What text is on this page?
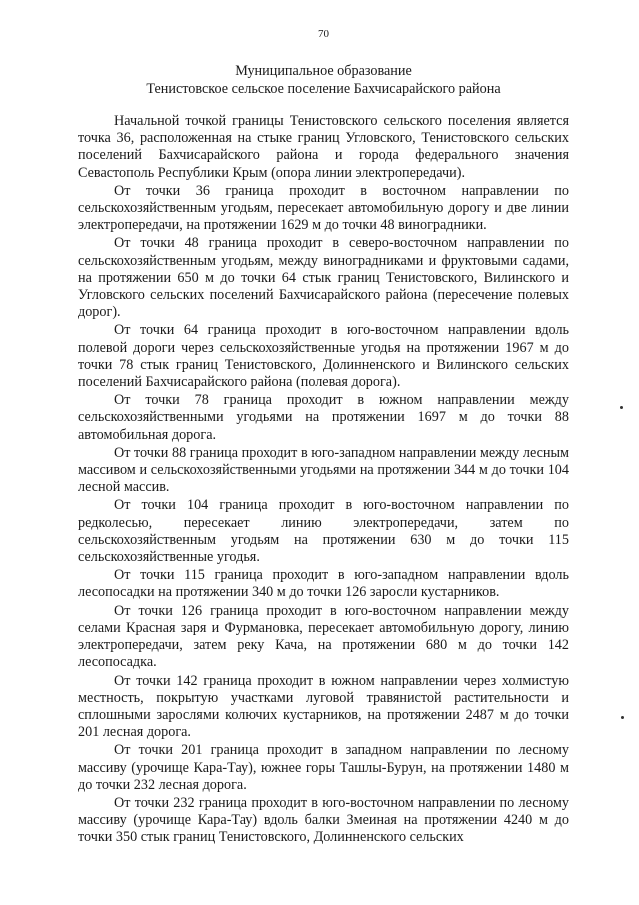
70
Муниципальное образование
Тенистовское сельское поселение Бахчисарайского района

Начальной точкой границы Тенистовского сельского поселения является точка 36, расположенная на стыке границ Угловского, Тенистовского сельских поселений Бахчисарайского района и города федерального значения Севастополь Республики Крым (опора линии электропередачи).

От точки 36 граница проходит в восточном направлении по сельскохозяйственным угодьям, пересекает автомобильную дорогу и две линии электропередачи, на протяжении 1629 м до точки 48 виноградники.

От точки 48 граница проходит в северо-восточном направлении по сельскохозяйственным угодьям, между виноградниками и фруктовыми садами, на протяжении 650 м до точки 64 стык границ Тенистовского, Вилинского и Угловского сельских поселений Бахчисарайского района (пересечение полевых дорог).

От точки 64 граница проходит в юго-восточном направлении вдоль полевой дороги через сельскохозяйственные угодья на протяжении 1967 м до точки 78 стык границ Тенистовского, Долинненского и Вилинского сельских поселений Бахчисарайского района (полевая дорога).

От точки 78 граница проходит в южном направлении между сельскохозяйственными угодьями на протяжении 1697 м до точки 88 автомобильная дорога.

От точки 88 граница проходит в юго-западном направлении между лесным массивом и сельскохозяйственными угодьями на протяжении 344 м до точки 104 лесной массив.

От точки 104 граница проходит в юго-восточном направлении по редколесью, пересекает линию электропередачи, затем по сельскохозяйственным угодьям на протяжении 630 м до точки 115 сельскохозяйственные угодья.

От точки 115 граница проходит в юго-западном направлении вдоль лесопосадки на протяжении 340 м до точки 126 заросли кустарников.

От точки 126 граница проходит в юго-восточном направлении между селами Красная заря и Фурмановка, пересекает автомобильную дорогу, линию электропередачи, затем реку Кача, на протяжении 680 м до точки 142 лесопосадка.

От точки 142 граница проходит в южном направлении через холмистую местность, покрытую участками луговой травянистой растительности и сплошными зарослями колючих кустарников, на протяжении 2487 м до точки 201 лесная дорога.

От точки 201 граница проходит в западном направлении по лесному массиву (урочище Кара-Тау), южнее горы Ташлы-Бурун, на протяжении 1480 м до точки 232 лесная дорога.

От точки 232 граница проходит в юго-восточном направлении по лесному массиву (урочище Кара-Тау) вдоль балки Змеиная на протяжении 4240 м до точки 350 стык границ Тенистовского, Долинненского сельских
